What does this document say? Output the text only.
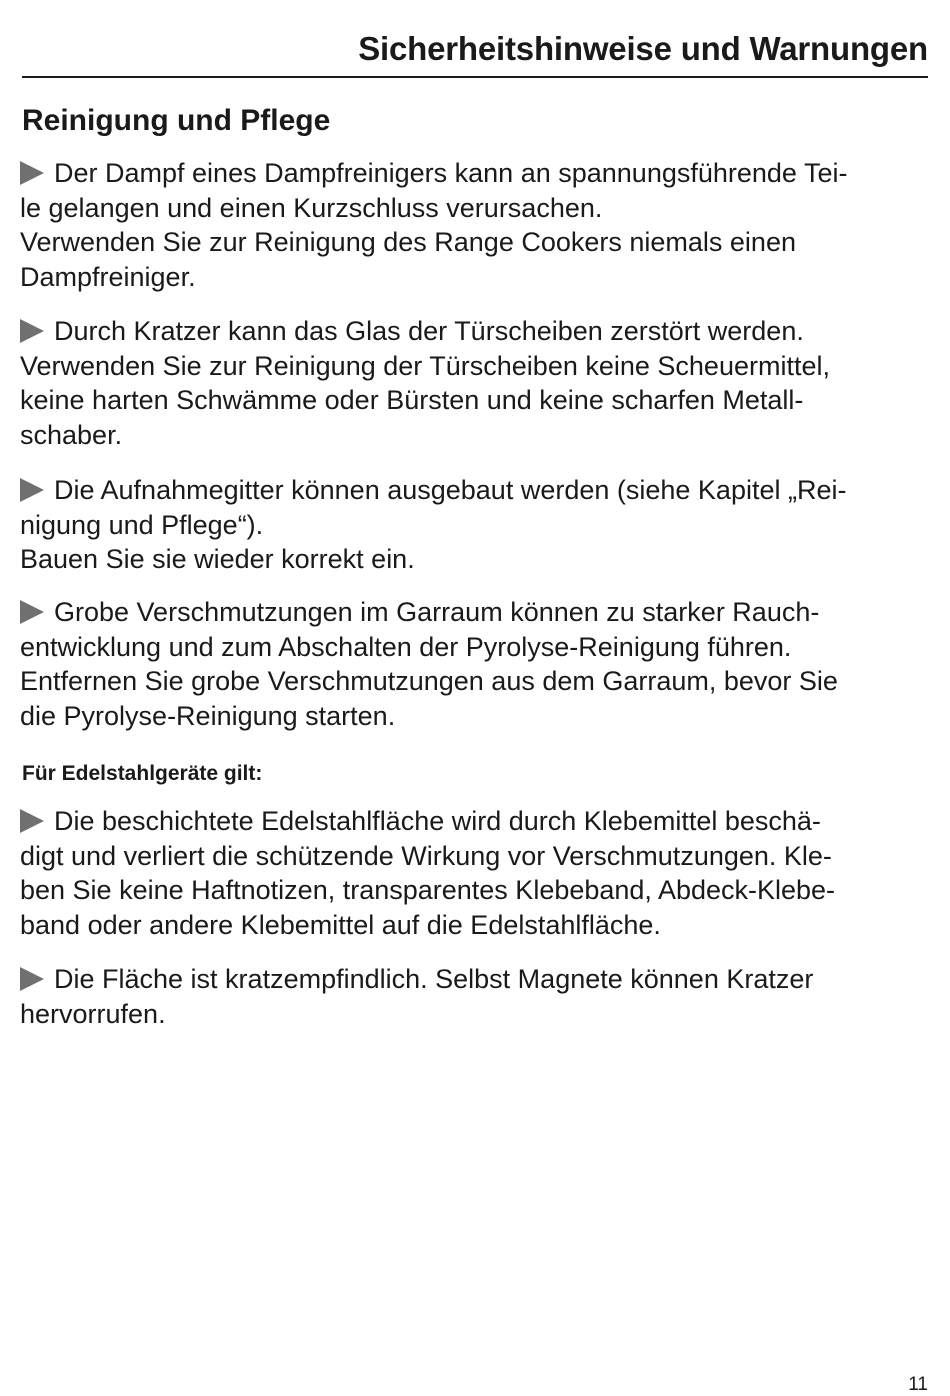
Sicherheitshinweise und Warnungen
Reinigung und Pflege
Der Dampf eines Dampfreinigers kann an spannungsführende Tei-
le gelangen und einen Kurzschluss verursachen.
Verwenden Sie zur Reinigung des Range Cookers niemals einen
Dampfreiniger.
Durch Kratzer kann das Glas der Türscheiben zerstört werden.
Verwenden Sie zur Reinigung der Türscheiben keine Scheuermittel,
keine harten Schwämme oder Bürsten und keine scharfen Metall-
schaber.
Die Aufnahmegitter können ausgebaut werden (siehe Kapitel „Rei-
nigung und Pflege“).
Bauen Sie sie wieder korrekt ein.
Grobe Verschmutzungen im Garraum können zu starker Rauch-
entwicklung und zum Abschalten der Pyrolyse-Reinigung führen.
Entfernen Sie grobe Verschmutzungen aus dem Garraum, bevor Sie
die Pyrolyse-Reinigung starten.
Für Edelstahlgeräte gilt:
Die beschichtete Edelstahlfläche wird durch Klebemittel beschä-
digt und verliert die schützende Wirkung vor Verschmutzungen. Kle-
ben Sie keine Haftnotizen, transparentes Klebeband, Abdeck-Klebe-
band oder andere Klebemittel auf die Edelstahlfläche.
Die Fläche ist kratzempfindlich. Selbst Magnete können Kratzer
hervorrufen.
11
